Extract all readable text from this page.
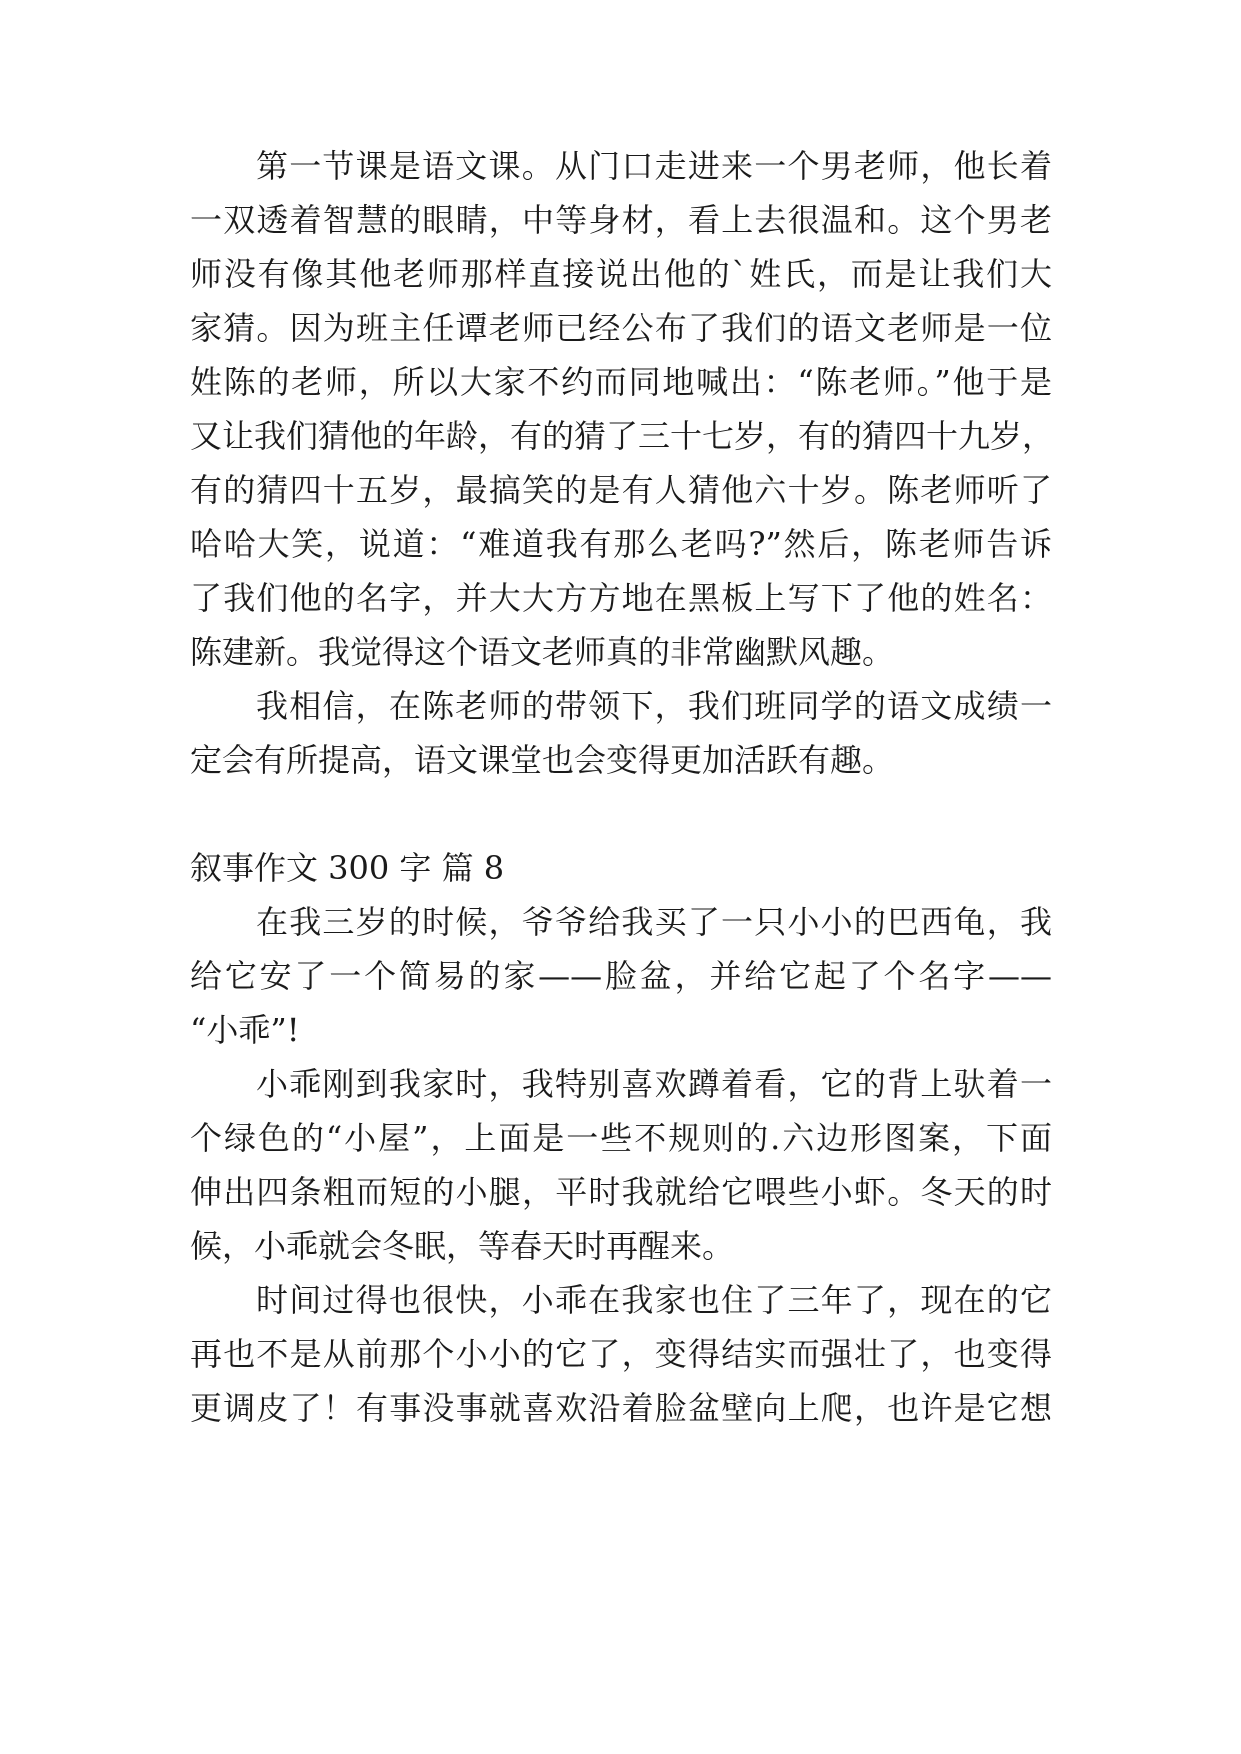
第一节课是语文课。从门口走进来一个男老师，他长着
一双透着智慧的眼睛，中等身材，看上去很温和。这个男老
师没有像其他老师那样直接说出他的`姓氏，而是让我们大
家猜。因为班主任谭老师已经公布了我们的语文老师是一位
姓陈的老师，所以大家不约而同地喊出：“陈老师。”他于是
又让我们猜他的年龄，有的猜了三十七岁，有的猜四十九岁，
有的猜四十五岁，最搞笑的是有人猜他六十岁。陈老师听了
哈哈大笑，说道：“难道我有那么老吗?”然后，陈老师告诉
了我们他的名字，并大大方方地在黑板上写下了他的姓名：
陈建新。我觉得这个语文老师真的非常幽默风趣。
我相信，在陈老师的带领下，我们班同学的语文成绩一
定会有所提高，语文课堂也会变得更加活跃有趣。
叙事作文 300 字 篇 8
在我三岁的时候，爷爷给我买了一只小小的巴西龟，我
给它安了一个简易的家——脸盆，并给它起了个名字——
“小乖”!
小乖刚到我家时，我特别喜欢蹲着看，它的背上驮着一
个绿色的“小屋”，上面是一些不规则的.六边形图案，下面
伸出四条粗而短的小腿，平时我就给它喂些小虾。冬天的时
候，小乖就会冬眠，等春天时再醒来。
时间过得也很快，小乖在我家也住了三年了，现在的它
再也不是从前那个小小的它了，变得结实而强壮了，也变得
更调皮了！有事没事就喜欢沿着脸盆壁向上爬，也许是它想
